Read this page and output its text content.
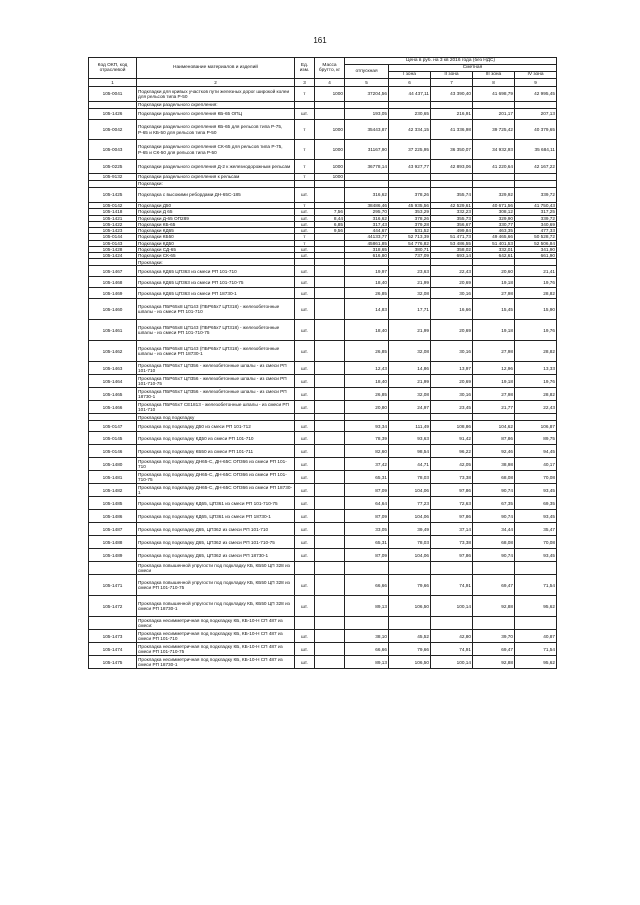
161
Код ОКП, код отраслевой	Наименование материалов и изделий	Ед. изм.	Масса брутто, кг	Цена в руб. на 3 кв 2016 года (без НДС)				
				отпускная	Сметная			
					I зона	II зона	III зона	IV зона
1	2	3	4	5	6	7	8	9
105-0041	Подкладки для кривых участков пути железных дорог широкой колеи для рельсов типа Р-50	т	1000	37204,56	44 437,11	43 390,40	41 698,79	42 995,45
	Подкладки раздельного скрепления:							
105-1426	Подкладки раздельного скрепления КБ-65 ОПЦ	шт.		193,05	230,65	216,91	201,17	207,13
105-0042	Подкладки раздельного скрепления КБ-65 для рельсов типа Р-75, Р-65 и КБ-50 для рельсов типа Р-50	т	1000	35443,87	42 334,15	41 336,98	39 725,42	40 379,65
105-0043	Подкладки раздельного скрепления СК-65 для рельсов типа Р-75, Р-65 и СК-50 для рельсов типа Р-50	т	1000	31167,90	37 225,95	36 350,07	34 932,93	35 684,11
105-0225	Подкладки раздельного скрепления Д-2 к железнодорожным рельсам	т	1000	36778,14	43 927,77	42 893,06	41 220,64	42 167,22
105-9132	Подкладки раздельного скрепления к рельсам	т	1000					
	Подкладки:							
105-1425	Подкладка с высокими ребордами ДН-65С-185	шт.		316,62	378,26	355,74	329,92	339,72
105-0142	Подкладки Д50	т		38486,46	45 935,56	42 529,61	40 671,56	41 750,43
105-1418	Подкладки Д 65	шт.	7,56	295,70	353,29	332,23	308,12	317,25
105-1421	Подкладки Д-65 ОП289	шт.	8,44	316,62	378,26	355,73	329,90	339,72
105-1422	Подкладки КБ-65	шт.	6,85	317,43	379,28	356,67	330,77	340,69
105-1423	Подкладки КД65	шт.	9,56	444,67	531,52	499,84	463,35	477,33
105-0144	Подкладки КБ50	т		44133,77	52 713,39	51 471,73	49 465,66	50 528,72
105-0143	Подкладки КД50	т		45861,85	54 776,82	53 486,55	51 401,53	52 506,84
105-1428	Подкладки СД-65	шт.		318,65	380,71	358,02	332,01	341,90
105-1424	Подкладки СК-65	шт.		616,80	737,09	693,14	642,61	661,90
	Прокладки:							
105-1467	Прокладка КД65 ЦП363 из смеси РП 101-710	шт.		19,97	23,63	22,43	20,60	21,41
105-1468	Прокладка КД65 ЦП363 из смеси РП 101-710-75	шт.		18,40	21,99	20,69	19,18	19,76
105-1469	Прокладка КД65 ЦП363 из смеси РП 18730-1	шт.		26,85	32,08	30,16	27,98	28,82
105-1460	Прокладка ПБР65х8 ЦП143 (ПБР65х7 ЦП318) - железобетонные шпалы - из смеси РП 101-710	шт.		14,83	17,71	16,66	15,45	15,90
105-1461	Прокладка ПБР65х8 ЦП143 (ПБР65х7 ЦП318) - железобетонные шпалы - из смеси РП 101-710-75	шт.		18,40	21,99	20,69	19,18	19,76
105-1462	Прокладка ПБР65х8 ЦП143 (ПБР65х7 ЦП318) - железобетонные шпалы - из смеси РП 18730-1	шт.		26,85	32,08	30,16	27,98	28,82
105-1463	Прокладка ПБР65х7 ЦП356 - железобетонные шпалы - из смеси РП 101-710	шт.		12,43	14,86	13,97	12,96	13,33
105-1464	Прокладка ПБР65х7 ЦП356 - железобетонные шпалы - из смеси РП 101-710-75	шт.		18,40	21,99	20,69	19,18	19,76
105-1465	Прокладка ПБР65х7 ЦП356 - железобетонные шпалы - из смеси РП 18730-1	шт.		26,85	32,08	30,16	27,98	28,82
105-1466	Прокладка ПБР65х7 СЕ1813 - железобетонные шпалы - из смеси РП 101-710	шт.		20,80	24,97	23,45	21,77	22,43
	Прокладка под подкладку							
105-0147	Прокладка под подкладку Д50 из смеси РП 101-712	шт.		93,34	111,49	108,86	104,62	106,87
105-0145	Прокладка под подкладку КД50 из смеси РП 101-710	шт.		78,39	93,63	91,42	87,86	89,75
105-0146	Прокладка под подкладку КБ50 из смеси РП 101-711	шт.		82,60	98,54	96,22	92,46	94,45
105-1480	Прокладка под подкладку ДН65-С, ДН-65С ОП366 из смеси РП 101-710	шт.		37,42	44,71	42,05	38,98	40,17
105-1481	Прокладка под подкладку ДН65-С, ДН-65С ОП366 из смеси РП 101-710-75	шт.		65,31	78,03	73,38	68,08	70,08
105-1482	Прокладка под подкладку ДН65-С, ДН-65С ОП366 из смеси РП 18730-1	шт.		87,09	104,06	97,86	90,74	93,45
105-1485	Прокладка под подкладку КД65, ЦП361 из смеси РП 101-710-75	шт.		64,64	77,23	72,63	67,35	69,35
105-1486	Прокладка под подкладку КД65, ЦП361 из смеси РП 18730-1	шт.		87,09	104,06	97,86	90,74	93,45
105-1487	Прокладка под подкладку Д65, ЦП362 из смеси РП 101-710	шт.		33,05	39,49	37,14	34,44	35,47
105-1488	Прокладка под подкладку Д65, ЦП362 из смеси РП 101-710-75	шт.		65,31	78,03	73,38	68,08	70,08
105-1489	Прокладка под подкладку Д65, ЦП362 из смеси РП 18730-1	шт.		87,09	104,06	97,86	90,74	93,45
	Прокладка повышенной упругости под подкладку КБ, КБ50 ЦП 328 из смеси							
105-1471	Прокладка повышенной упругости под подкладку КБ, КБ50 ЦП 328 из смеси РП 101-710-75	шт.		66,66	79,66	74,91	69,47	71,54
105-1472	Прокладка повышенной упругости под подкладку КБ, КБ50 ЦП 328 из смеси РП 18730-1	шт.		89,13	106,50	100,14	92,88	95,62
	Прокладка несимметричная под подкладку КБ, КБ-10-Н СП 487 из смеси:							
105-1473	Прокладка несимметричная под подкладку КБ, КБ-10-Н СП 487 из смеси РП 101-710	шт.		38,10	45,52	42,80	39,70	40,87
105-1474	Прокладка несимметричная под подкладку КБ, КБ-10-Н СП 487 из смеси РП 101-710-75	шт.		66,66	79,66	74,91	69,47	71,54
105-1475	Прокладка несимметричная под подкладку КБ, КБ-10-Н СП 487 из смеси РП 18730-1	шт.		89,13	106,50	100,14	92,88	95,62
